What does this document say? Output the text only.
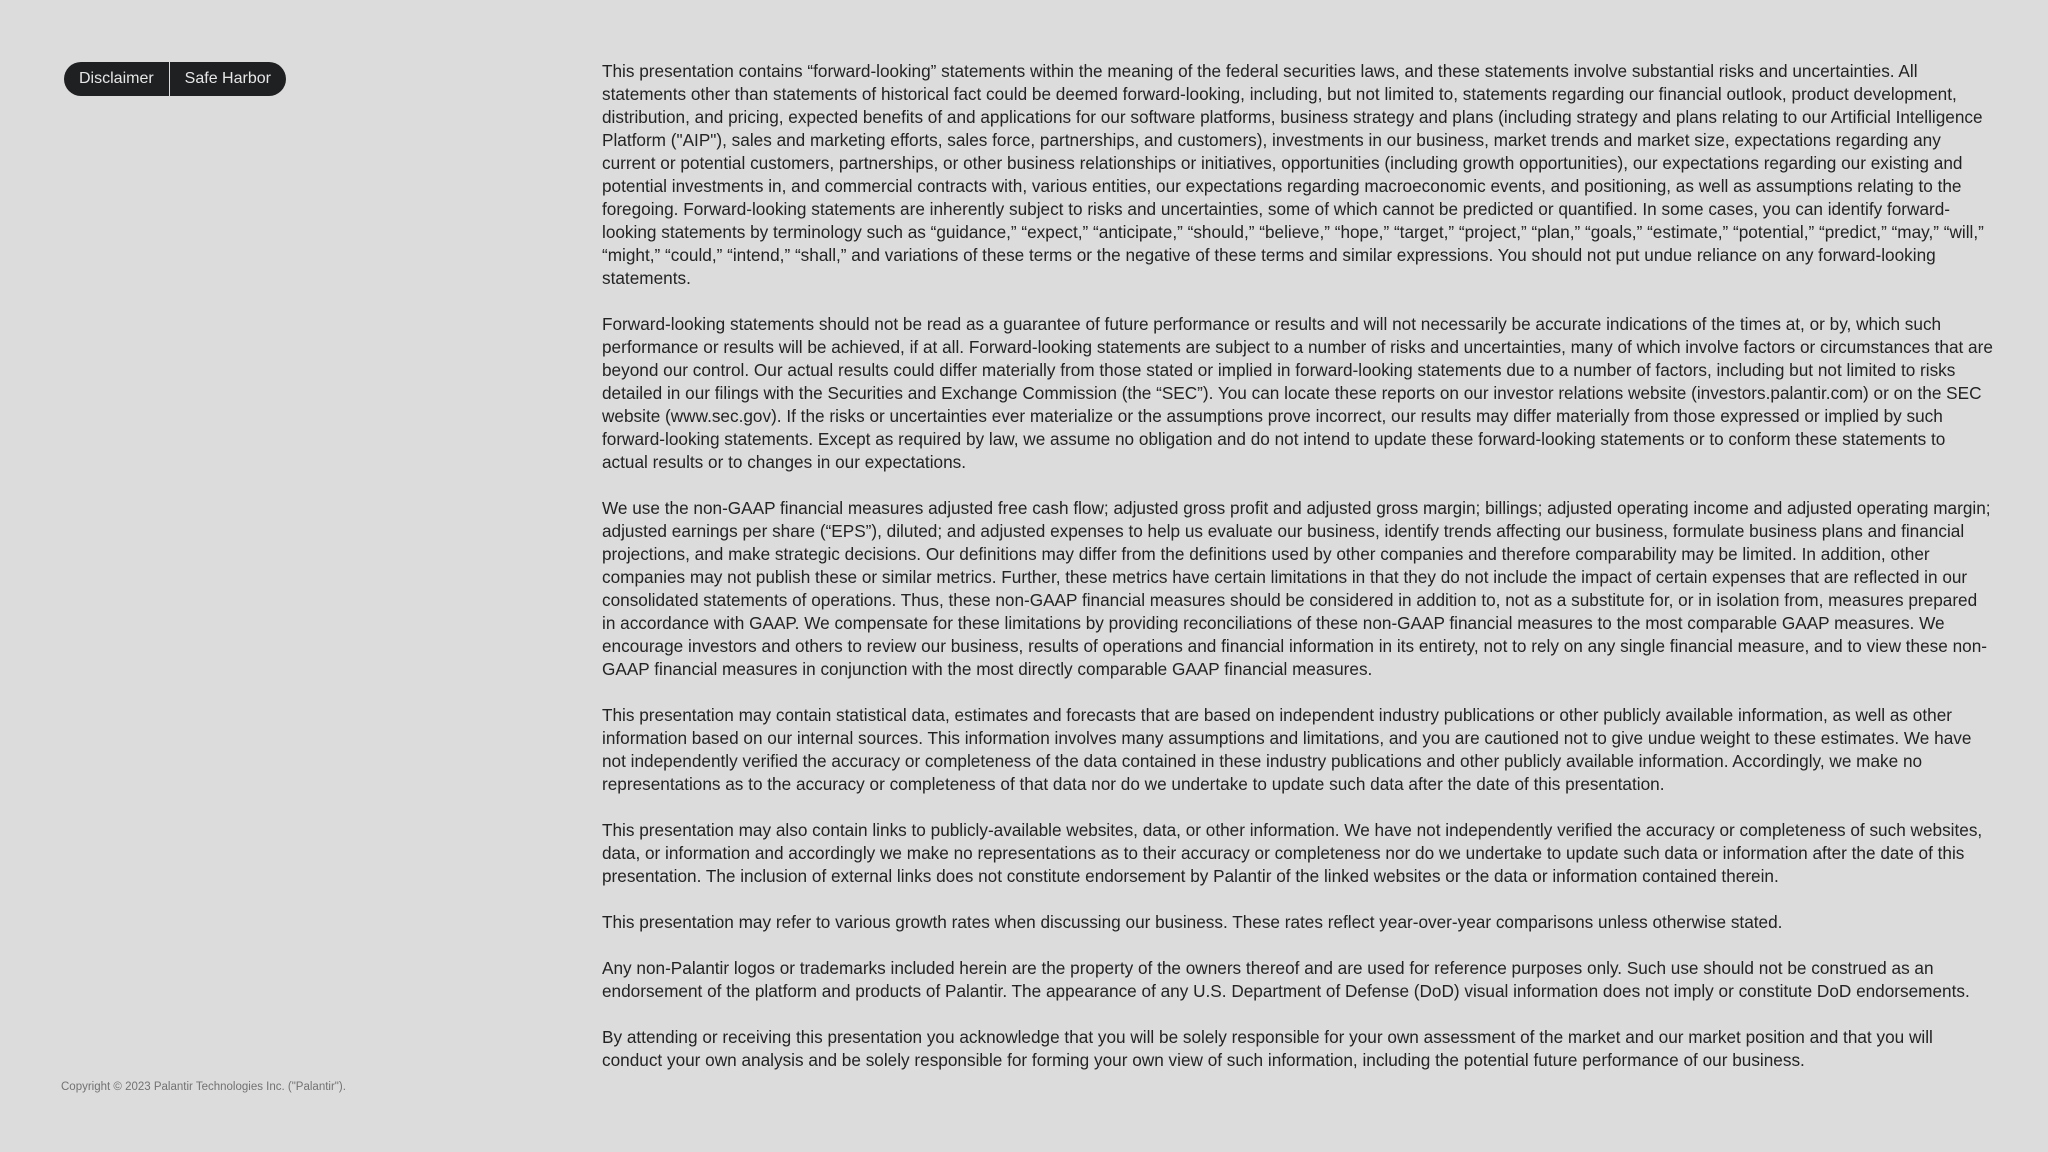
Disclaimer	Safe Harbor	This presentation contains “forward-looking” statements within the meaning of the federal securities laws, and these statements involve substantial risks and uncertainties. All statements other than statements of historical fact could be deemed forward-looking, including, but not limited to, statements regarding our financial outlook, product development, distribution, and pricing, expected benefits of and applications for our software platforms, business strategy and plans (including strategy and plans relating to our Artificial Intelligence Platform ("AIP"), sales and marketing efforts, sales force, partnerships, and customers), investments in our business, market trends and market size, expectations regarding any current or potential customers, partnerships, or other business relationships or initiatives, opportunities (including growth opportunities), our expectations regarding our existing and potential investments in, and commercial contracts with, various entities, our expectations regarding macroeconomic events, and positioning, as well as assumptions relating to the foregoing. Forward-looking statements are inherently subject to risks and uncertainties, some of which cannot be predicted or quantified. In some cases, you can identify forward-looking statements by terminology such as “guidance,” “expect,” “anticipate,” “should,” “believe,” “hope,” “target,” “project,” “plan,” “goals,” “estimate,” “potential,” “predict,” “may,” “will,” “might,” “could,” “intend,” “shall,” and variations of these terms or the negative of these terms and similar expressions. You should not put undue reliance on any forward-looking statements.

Forward-looking statements should not be read as a guarantee of future performance or results and will not necessarily be accurate indications of the times at, or by, which such performance or results will be achieved, if at all. Forward-looking statements are subject to a number of risks and uncertainties, many of which involve factors or circumstances that are beyond our control. Our actual results could differ materially from those stated or implied in forward-looking statements due to a number of factors, including but not limited to risks detailed in our filings with the Securities and Exchange Commission (the “SEC”). You can locate these reports on our investor relations website (investors.palantir.com) or on the SEC website (www.sec.gov). If the risks or uncertainties ever materialize or the assumptions prove incorrect, our results may differ materially from those expressed or implied by such forward-looking statements. Except as required by law, we assume no obligation and do not intend to update these forward-looking statements or to conform these statements to actual results or to changes in our expectations.

We use the non-GAAP financial measures adjusted free cash flow; adjusted gross profit and adjusted gross margin; billings; adjusted operating income and adjusted operating margin; adjusted earnings per share (“EPS”), diluted; and adjusted expenses to help us evaluate our business, identify trends affecting our business, formulate business plans and financial projections, and make strategic decisions. Our definitions may differ from the definitions used by other companies and therefore comparability may be limited. In addition, other companies may not publish these or similar metrics. Further, these metrics have certain limitations in that they do not include the impact of certain expenses that are reflected in our consolidated statements of operations. Thus, these non-GAAP financial measures should be considered in addition to, not as a substitute for, or in isolation from, measures prepared in accordance with GAAP. We compensate for these limitations by providing reconciliations of these non-GAAP financial measures to the most comparable GAAP measures. We encourage investors and others to review our business, results of operations and financial information in its entirety, not to rely on any single financial measure, and to view these non-GAAP financial measures in conjunction with the most directly comparable GAAP financial measures.

This presentation may contain statistical data, estimates and forecasts that are based on independent industry publications or other publicly available information, as well as other information based on our internal sources. This information involves many assumptions and limitations, and you are cautioned not to give undue weight to these estimates. We have not independently verified the accuracy or completeness of the data contained in these industry publications and other publicly available information. Accordingly, we make no representations as to the accuracy or completeness of that data nor do we undertake to update such data after the date of this presentation.

This presentation may also contain links to publicly-available websites, data, or other information. We have not independently verified the accuracy or completeness of such websites, data, or information and accordingly we make no representations as to their accuracy or completeness nor do we undertake to update such data or information after the date of this presentation. The inclusion of external links does not constitute endorsement by Palantir of the linked websites or the data or information contained therein.

This presentation may refer to various growth rates when discussing our business. These rates reflect year-over-year comparisons unless otherwise stated.

Any non-Palantir logos or trademarks included herein are the property of the owners thereof and are used for reference purposes only. Such use should not be construed as an endorsement of the platform and products of Palantir. The appearance of any U.S. Department of Defense (DoD) visual information does not imply or constitute DoD endorsements.

By attending or receiving this presentation you acknowledge that you will be solely responsible for your own assessment of the market and our market position and that you will conduct your own analysis and be solely responsible for forming your own view of such information, including the potential future performance of our business.

Copyright © 2023 Palantir Technologies Inc. ("Palantir").
